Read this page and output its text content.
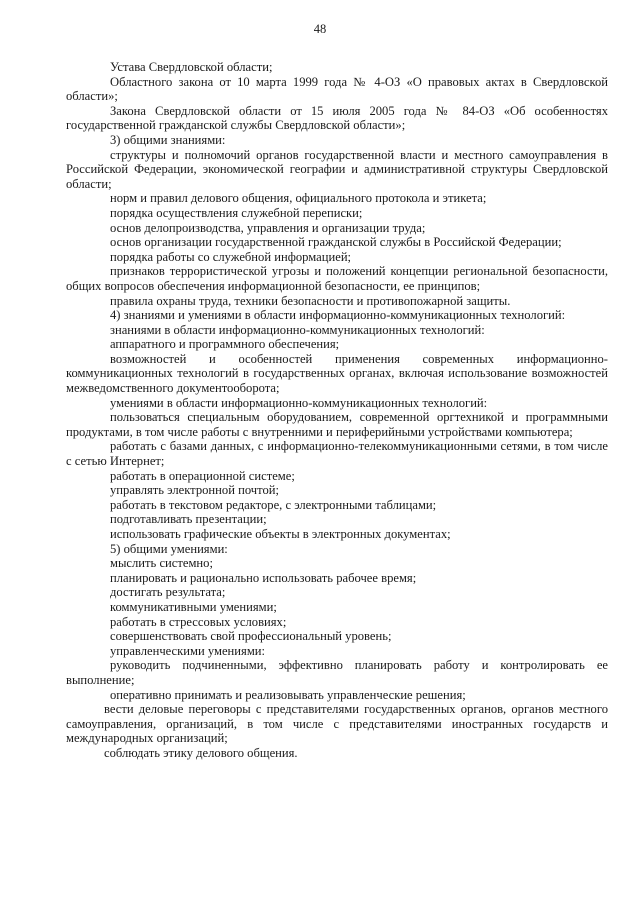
48

Устава Свердловской области;

Областного закона от 10 марта 1999 года № 4-ОЗ «О правовых актах в Свердловской области»;

Закона Свердловской области от 15 июля 2005 года № 84-ОЗ «Об особенностях государственной гражданской службы Свердловской области»;

3) общими знаниями:

структуры и полномочий органов государственной власти и местного самоуправления в Российской Федерации, экономической географии и административной структуры Свердловской области;

норм и правил делового общения, официального протокола и этикета;

порядка осуществления служебной переписки;

основ делопроизводства, управления и организации труда;

основ организации государственной гражданской службы в Российской Федерации;

порядка работы со служебной информацией;

признаков террористической угрозы и положений концепции региональной безопасности, общих вопросов обеспечения информационной безопасности, ее принципов;

правила охраны труда, техники безопасности и противопожарной защиты.

4) знаниями и умениями в области информационно-коммуникационных технологий:

знаниями в области информационно-коммуникационных технологий:

аппаратного и программного обеспечения;

возможностей и особенностей применения современных информационно-коммуникационных технологий в государственных органах, включая использование возможностей межведомственного документооборота;

умениями в области информационно-коммуникационных технологий:

пользоваться специальным оборудованием, современной оргтехникой и программными продуктами, в том числе работы с внутренними и периферийными устройствами компьютера;

работать с базами данных, с информационно-телекоммуникационными сетями, в том числе с сетью Интернет;

работать в операционной системе;

управлять электронной почтой;

работать в текстовом редакторе, с электронными таблицами;

подготавливать презентации;

использовать графические объекты в электронных документах;

5) общими умениями:

мыслить системно;

планировать и рационально использовать рабочее время;

достигать результата;

коммуникативными умениями;

работать в стрессовых условиях;

совершенствовать свой профессиональный уровень;

управленческими умениями:

руководить подчиненными, эффективно планировать работу и контролировать ее выполнение;

оперативно принимать и реализовывать управленческие решения;

вести деловые переговоры с представителями государственных органов, органов местного самоуправления, организаций, в том числе с представителями иностранных государств и международных организаций;

соблюдать этику делового общения.
